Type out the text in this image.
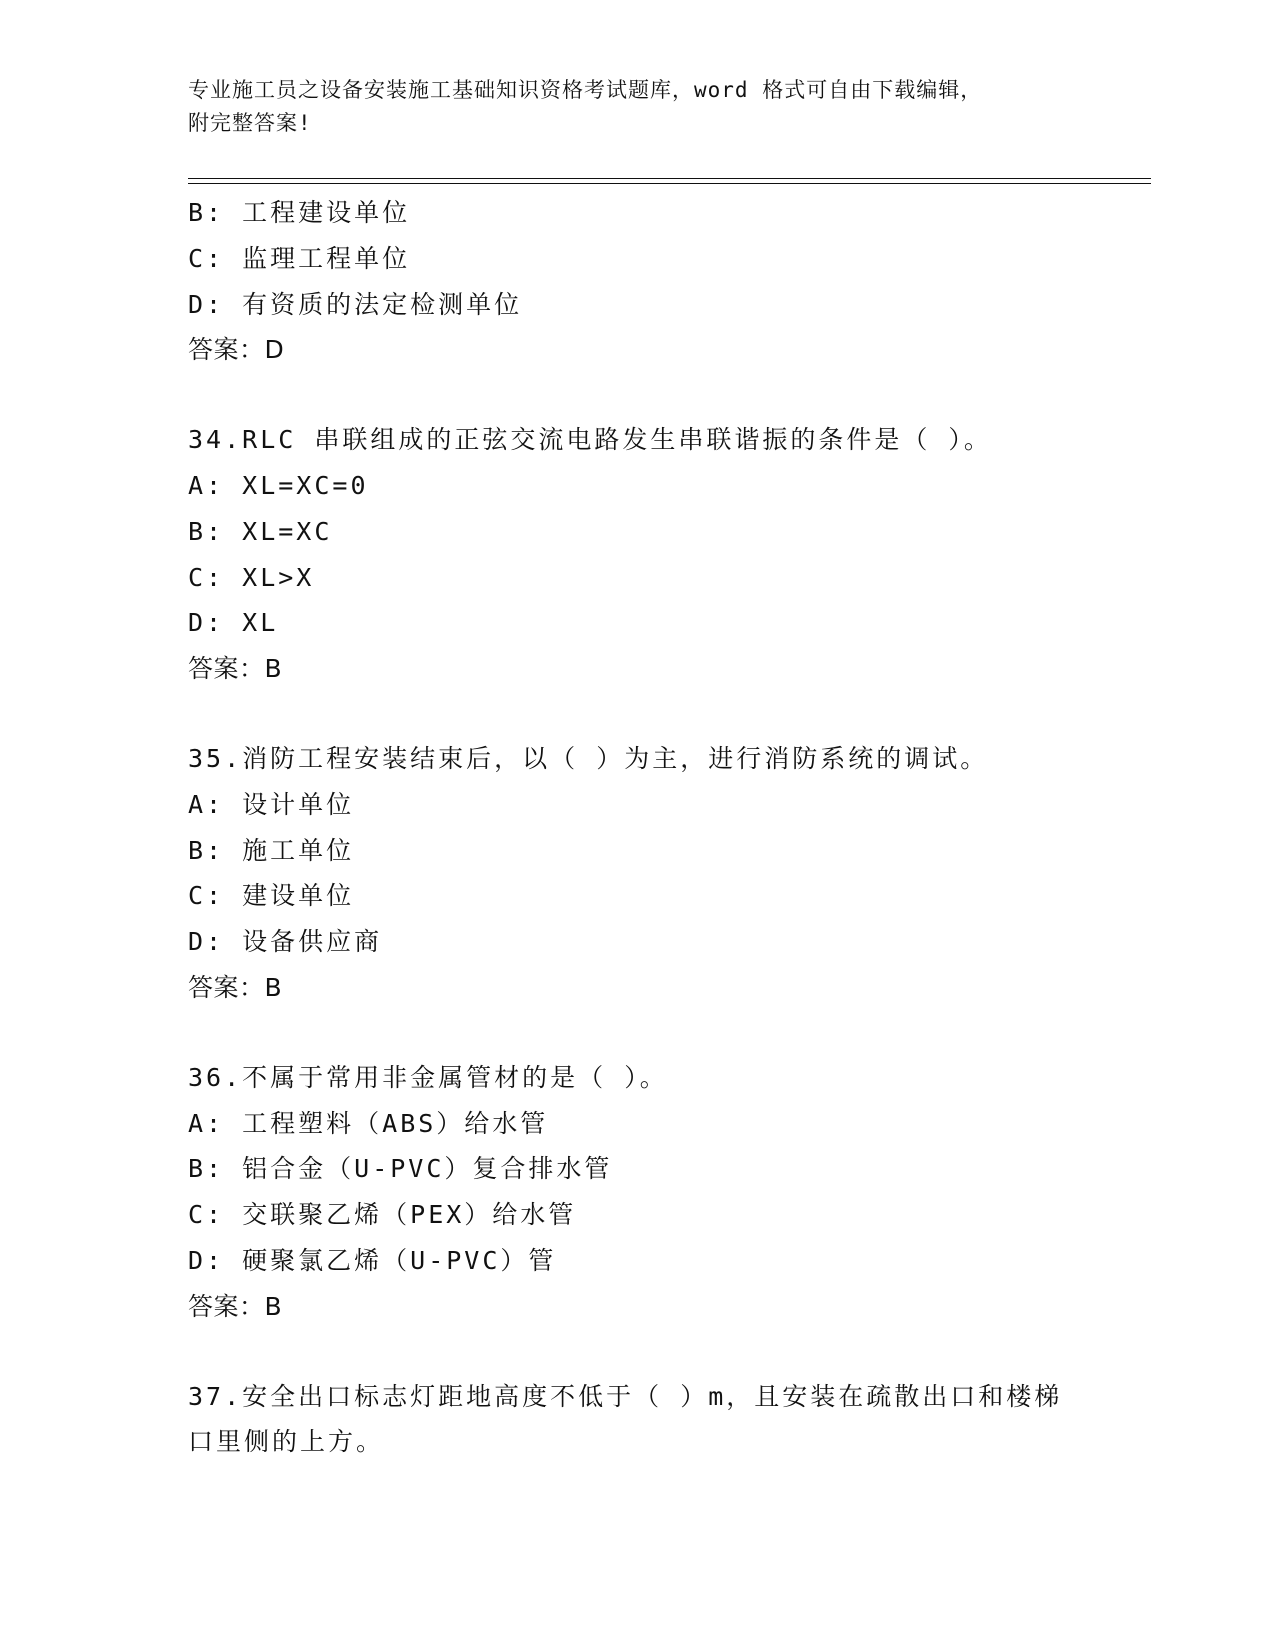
专业施工员之设备安装施工基础知识资格考试题库，word 格式可自由下载编辑，
附完整答案!
B: 工程建设单位
C: 监理工程单位
D: 有资质的法定检测单位
答案：D
34.RLC 串联组成的正弦交流电路发生串联谐振的条件是（ ）。
A: XL=XC=0
B: XL=XC
C: XL>X
D: XL
答案：B
35.消防工程安装结束后，以（ ）为主，进行消防系统的调试。
A: 设计单位
B: 施工单位
C: 建设单位
D: 设备供应商
答案：B
36.不属于常用非金属管材的是（ ）。
A: 工程塑料（ABS）给水管
B: 铝合金（U-PVC）复合排水管
C: 交联聚乙烯（PEX）给水管
D: 硬聚氯乙烯（U-PVC）管
答案：B
37.安全出口标志灯距地高度不低于（ ）m，且安装在疏散出口和楼梯
口里侧的上方。
